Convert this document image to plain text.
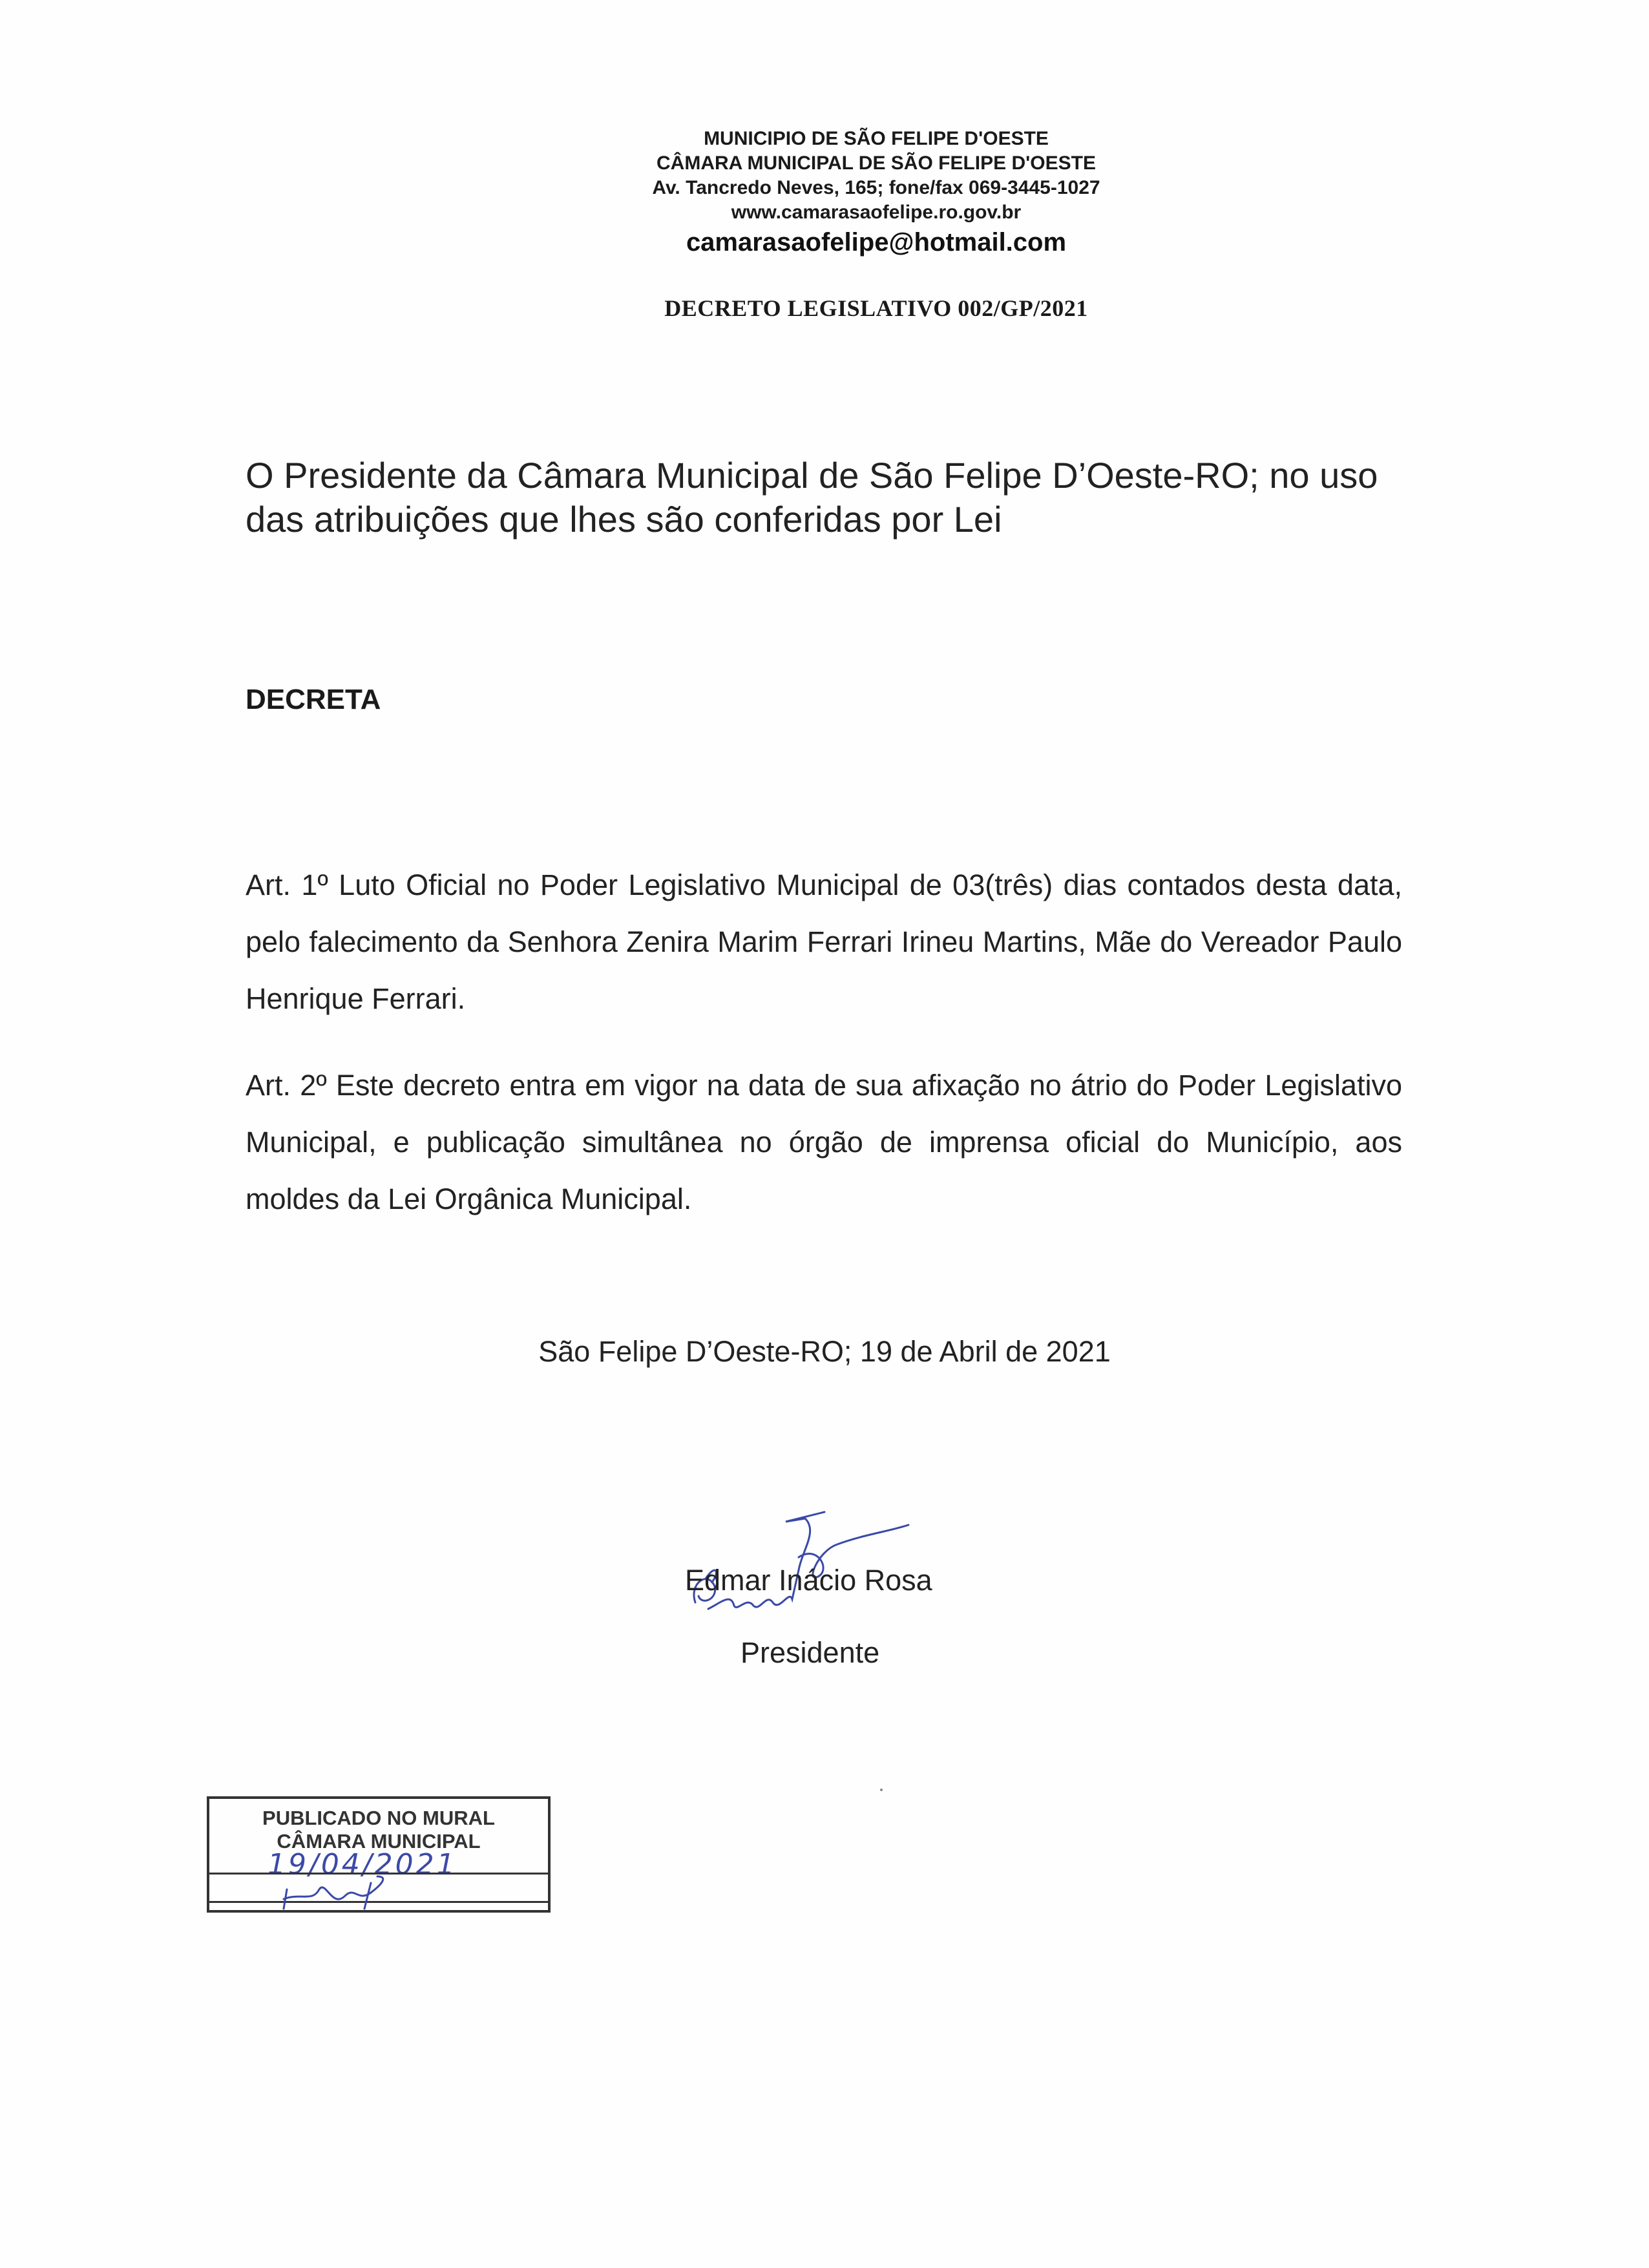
MUNICIPIO DE SÃO FELIPE D'OESTE
CÂMARA MUNICIPAL DE SÃO FELIPE D'OESTE
Av. Tancredo Neves, 165; fone/fax 069-3445-1027
www.camarasaofelipe.ro.gov.br
camarasaofelipe@hotmail.com
DECRETO LEGISLATIVO 002/GP/2021
O Presidente da Câmara Municipal de São Felipe D’Oeste-RO; no uso das atribuições que lhes são conferidas por Lei
DECRETA
Art. 1º Luto Oficial no Poder Legislativo Municipal de 03(três) dias contados desta data, pelo falecimento da Senhora Zenira Marim Ferrari Irineu Martins, Mãe do Vereador Paulo Henrique Ferrari.
Art. 2º Este decreto entra em vigor na data de sua afixação no átrio do Poder Legislativo Municipal, e publicação simultânea no órgão de imprensa oficial do Município, aos moldes da Lei Orgânica Municipal.
São Felipe D’Oeste-RO; 19 de Abril de 2021
Edmar Inácio Rosa
Presidente
PUBLICADO NO MURAL
CÂMARA MUNICIPAL
19/04/2021
